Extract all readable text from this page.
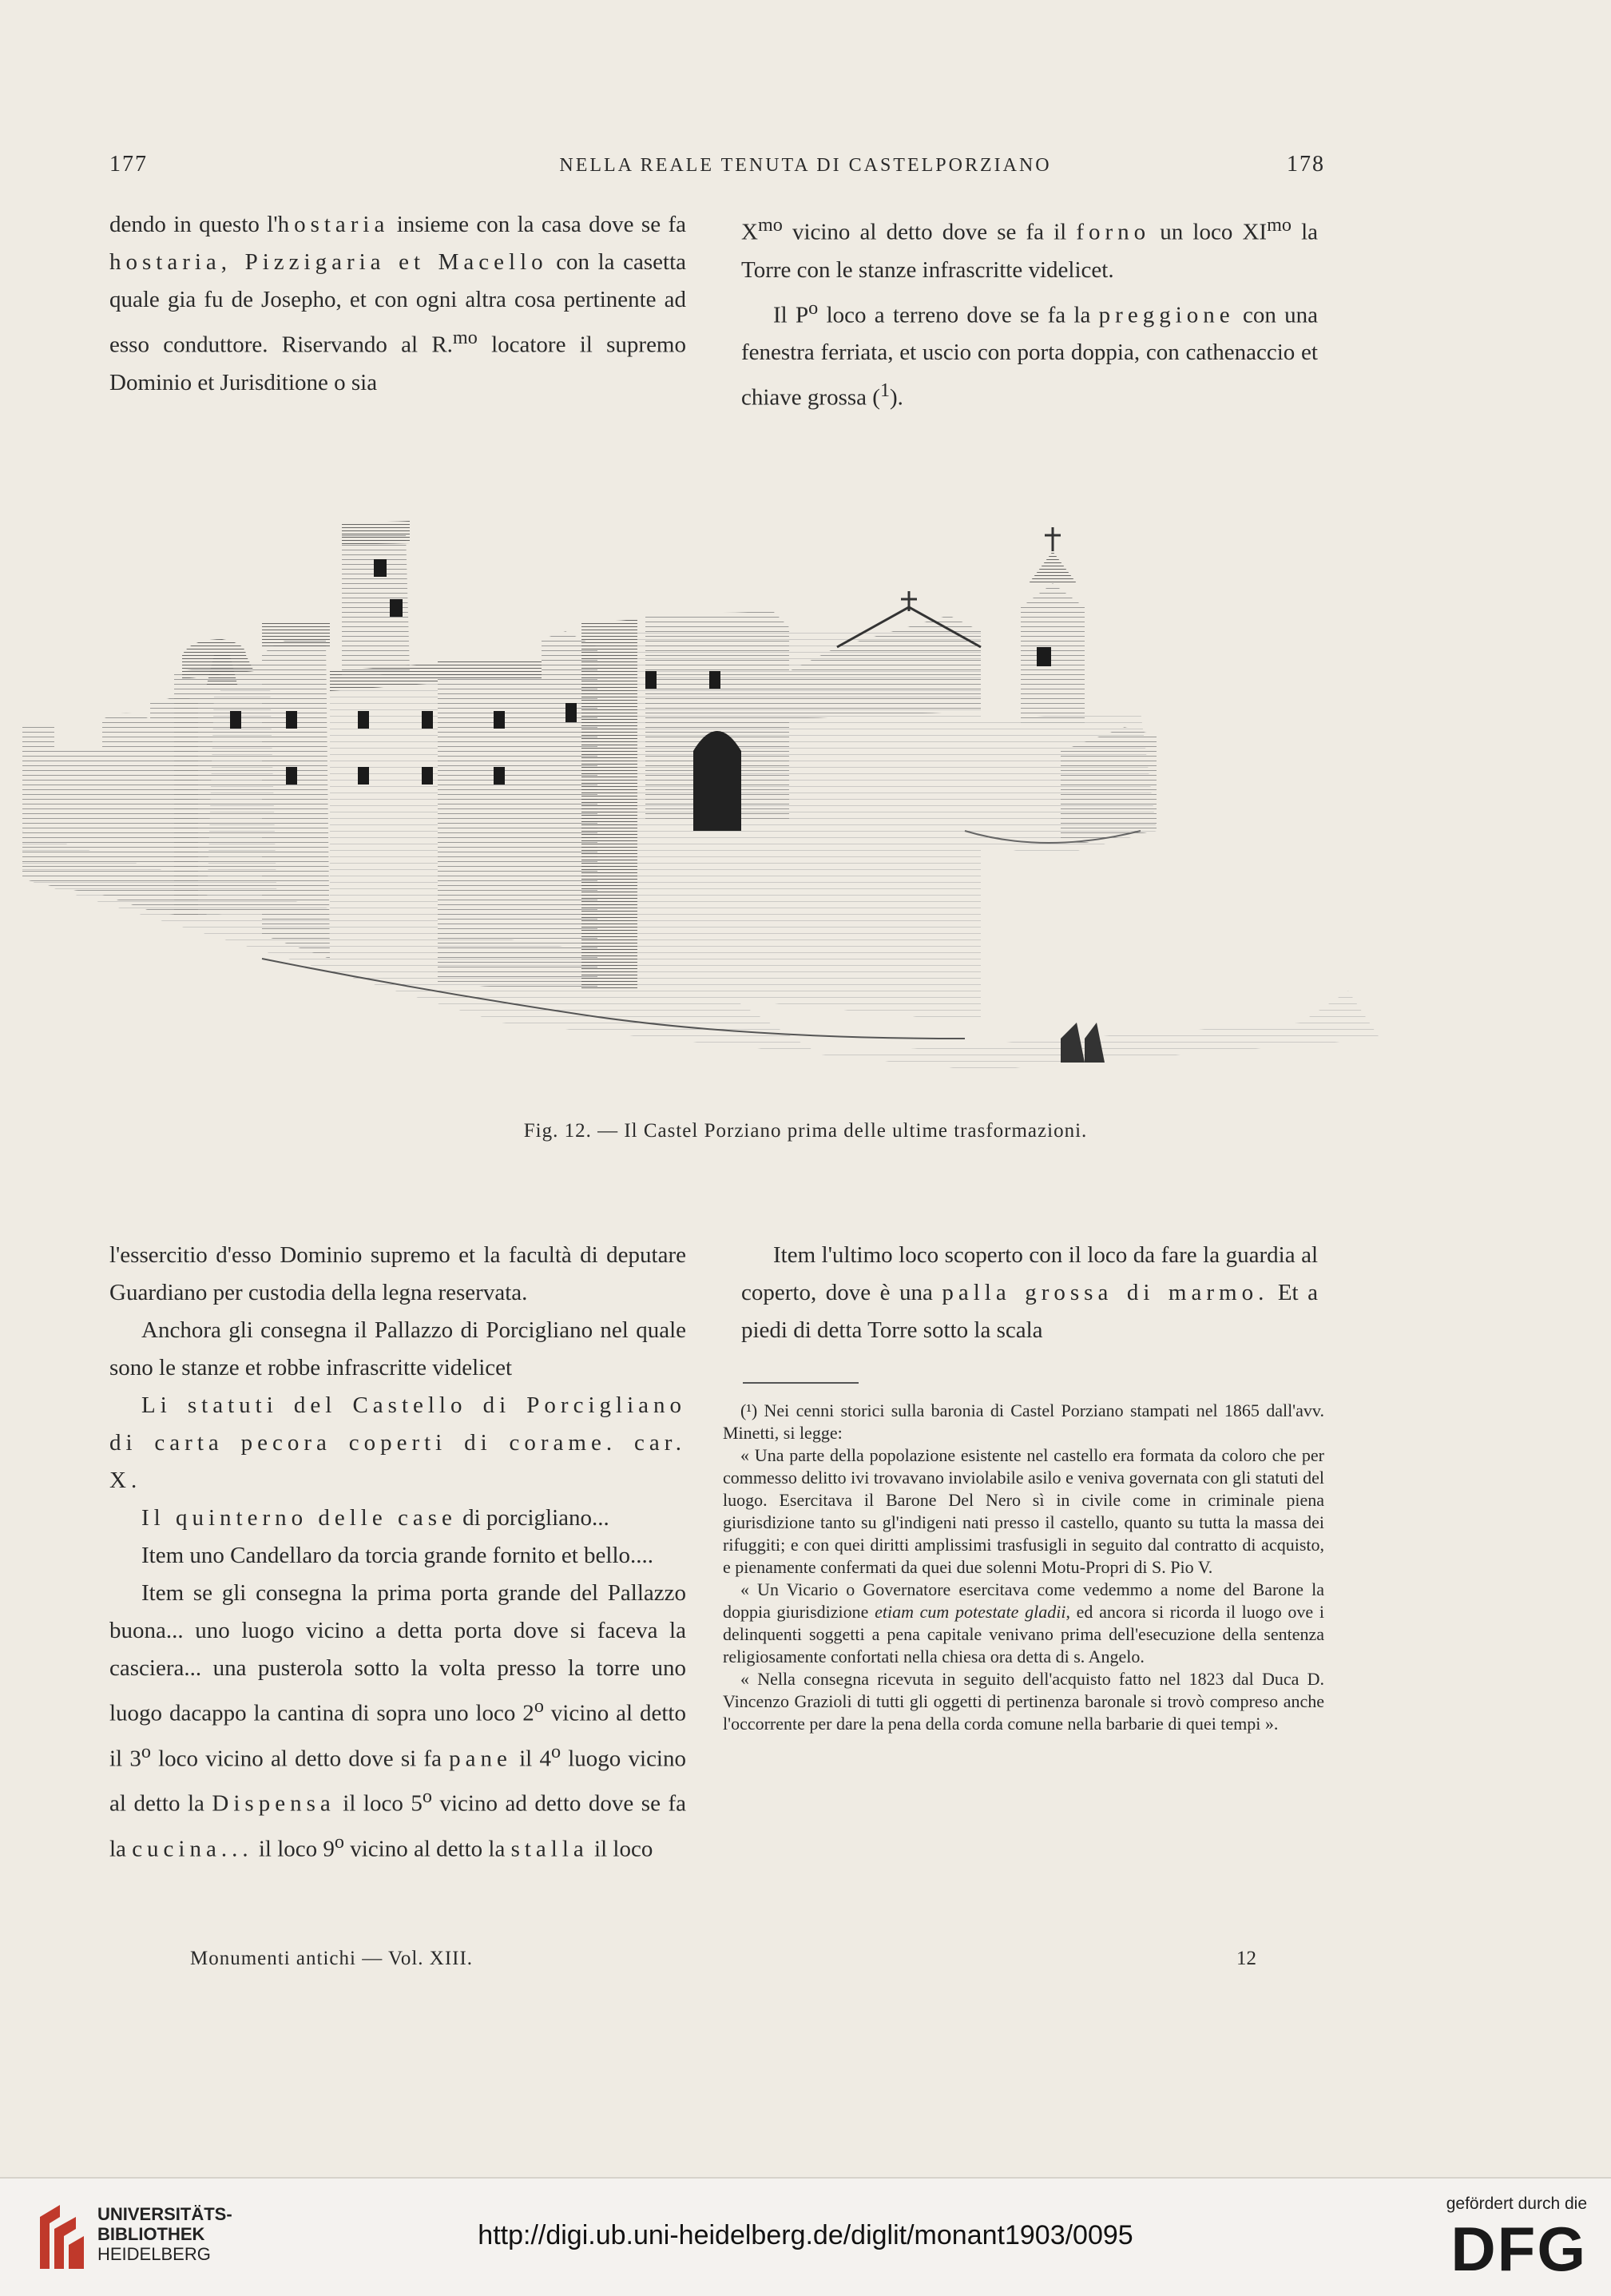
177	NELLA REALE TENUTA DI CASTELPORZIANO	178

dendo in questo l'hostaria insieme con la casa dove se fa hostaria, Pizzigaria et Macello con la casetta quale gia fu de Josepho, et con ogni altra cosa pertinente ad esso conduttore. Riservando al R.$^{mo}$ locatore il supremo Dominio et Jurisditione o sia

$X^{mo}$ vicino al detto dove se fa il forno un loco $XI^{mo}$ la Torre con le stanze infrascritte videlicet.

Il $P^o$ loco a terreno dove se fa la preggione con una fenestra ferriata, et uscio con porta doppia, con cathenaccio et chiave grossa ($^1$).

Fig. 12. — Il Castel Porziano prima delle ultime trasformazioni.

l'essercitio d'esso Dominio supremo et la facultà di deputare Guardiano per custodia della legna reservata.

Anchora gli consegna il Pallazzo di Porcigliano nel quale sono le stanze et robbe infrascritte videlicet

Li statuti del Castello di Porcigliano di carta pecora coperti di corame. car. X.

Il quinterno delle case di porcigliano...

Item uno Candellaro da torcia grande fornito et bello....

Item se gli consegna la prima porta grande del Pallazzo buona... uno luogo vicino a detta porta dove si faceva la casciera... una pusterola sotto la volta presso la torre uno luogo dacappo la cantina di sopra uno loco 2$^o$ vicino al detto il 3$^o$ loco vicino al detto dove si fa pane il 4$^o$ luogo vicino al detto la Dispensa il loco 5$^o$ vicino ad detto dove se fa la cucina... il loco 9$^o$ vicino al detto la stalla il loco

Item l'ultimo loco scoperto con il loco da fare la guardia al coperto, dove è una palla grossa di marmo. Et a piedi di detta Torre sotto la scala

(¹) Nei cenni storici sulla baronia di Castel Porziano stampati nel 1865 dall'avv. Minetti, si legge:

« Una parte della popolazione esistente nel castello era formata da coloro che per commesso delitto ivi trovavano inviolabile asilo e veniva governata con gli statuti del luogo. Esercitava il Barone Del Nero sì in civile come in criminale piena giurisdizione tanto su gl'indigeni nati presso il castello, quanto su tutta la massa dei rifuggiti; e con quei diritti amplissimi trasfusigli in seguito dal contratto di acquisto, e pienamente confermati da quei due solenni Motu-Propri di S. Pio V.

« Un Vicario o Governatore esercitava come vedemmo a nome del Barone la doppia giurisdizione etiam cum potestate gladii, ed ancora si ricorda il luogo ove i delinquenti soggetti a pena capitale venivano prima dell'esecuzione della sentenza religiosamente confortati nella chiesa ora detta di s. Angelo.

« Nella consegna ricevuta in seguito dell'acquisto fatto nel 1823 dal Duca D. Vincenzo Grazioli di tutti gli oggetti di pertinenza baronale si trovò compreso anche l'occorrente per dare la pena della corda comune nella barbarie di quei tempi ».

Monumenti antichi — Vol. XIII.	12
UNIVERSITÄTS-
BIBLIOTHEK
HEIDELBERG
http://digi.ub.uni-heidelberg.de/diglit/monant1903/0095
gefördert durch die
DFG
